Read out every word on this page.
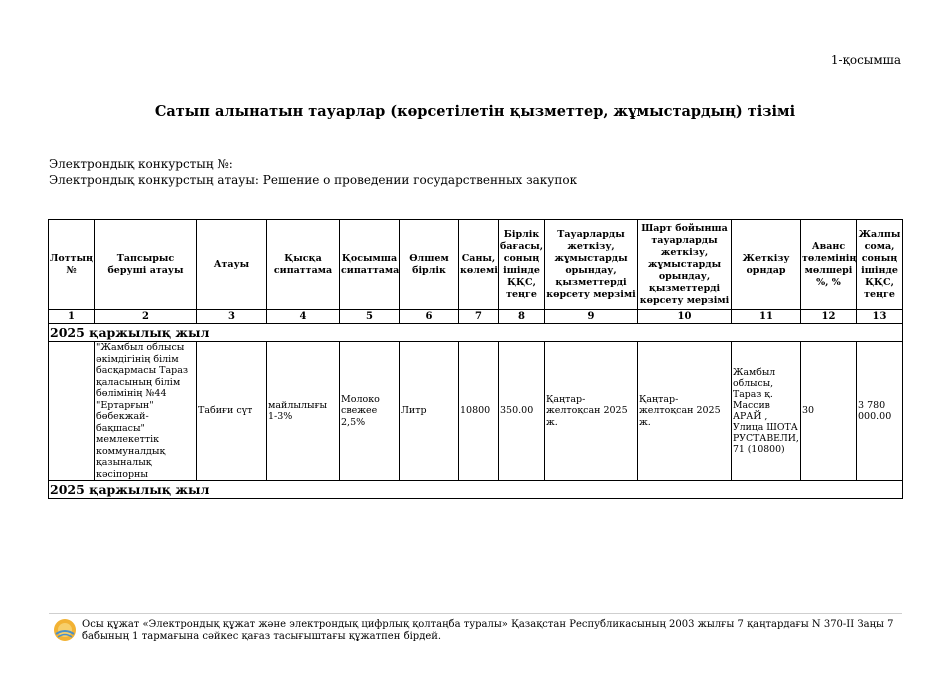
1-қосымша
Сатып алынатын тауарлар (көрсетілетін қызметтер, жұмыстардың) тізімі
Электрондық конкурстың №:
Электрондық конкурстың атауы: Решение о проведении государственных закупок
Лоттың №	Тапсырыс беруші атауы	Атауы	Қысқа сипаттама	Қосымша сипаттама	Өлшем бірлік	Саны, көлемі	Бірлік бағасы, соның ішінде ҚҚС, теңге	Тауарларды жеткізу, жұмыстарды орындау, қызметтерді көрсету мерзімі	Шарт бойынша тауарларды жеткізу, жұмыстарды орындау, қызметтерді көрсету мерзімі	Жеткізу орндар	Аванс төлемінің мөлшері %, %	Жалпы сома, соның ішінде ҚҚС, теңге
1	2	3	4	5	6	7	8	9	10	11	12	13
2025 қаржылық жыл												
	"Жамбыл облысы әкімдігінің білім басқармасы Тараз қаласының білім бөлімінің №44 "Ертарғын" бөбекжай-бақшасы" мемлекеттік коммуналдық қазыналық кәсіпорны	Табиғи сүт	майлылығы 1-3%	Молоко свежее 2,5%	Литр	10800	350.00	Қаңтар-желтоқсан 2025 ж.	Қаңтар-желтоқсан 2025 ж.	Жамбыл облысы, Тараз қ. Массив АРАЙ , Улица ШОТА РУСТАВЕЛИ, 71 (10800)	30	3 780 000.00
2025 қаржылық жыл												
Осы құжат «Электрондық құжат және электрондық цифрлық қолтаңба туралы» Қазақстан Республикасының 2003 жылғы 7 қаңтардағы N 370-II Заңы 7 бабының 1 тармағына сәйкес қағаз тасығыштағы құжатпен бірдей.
